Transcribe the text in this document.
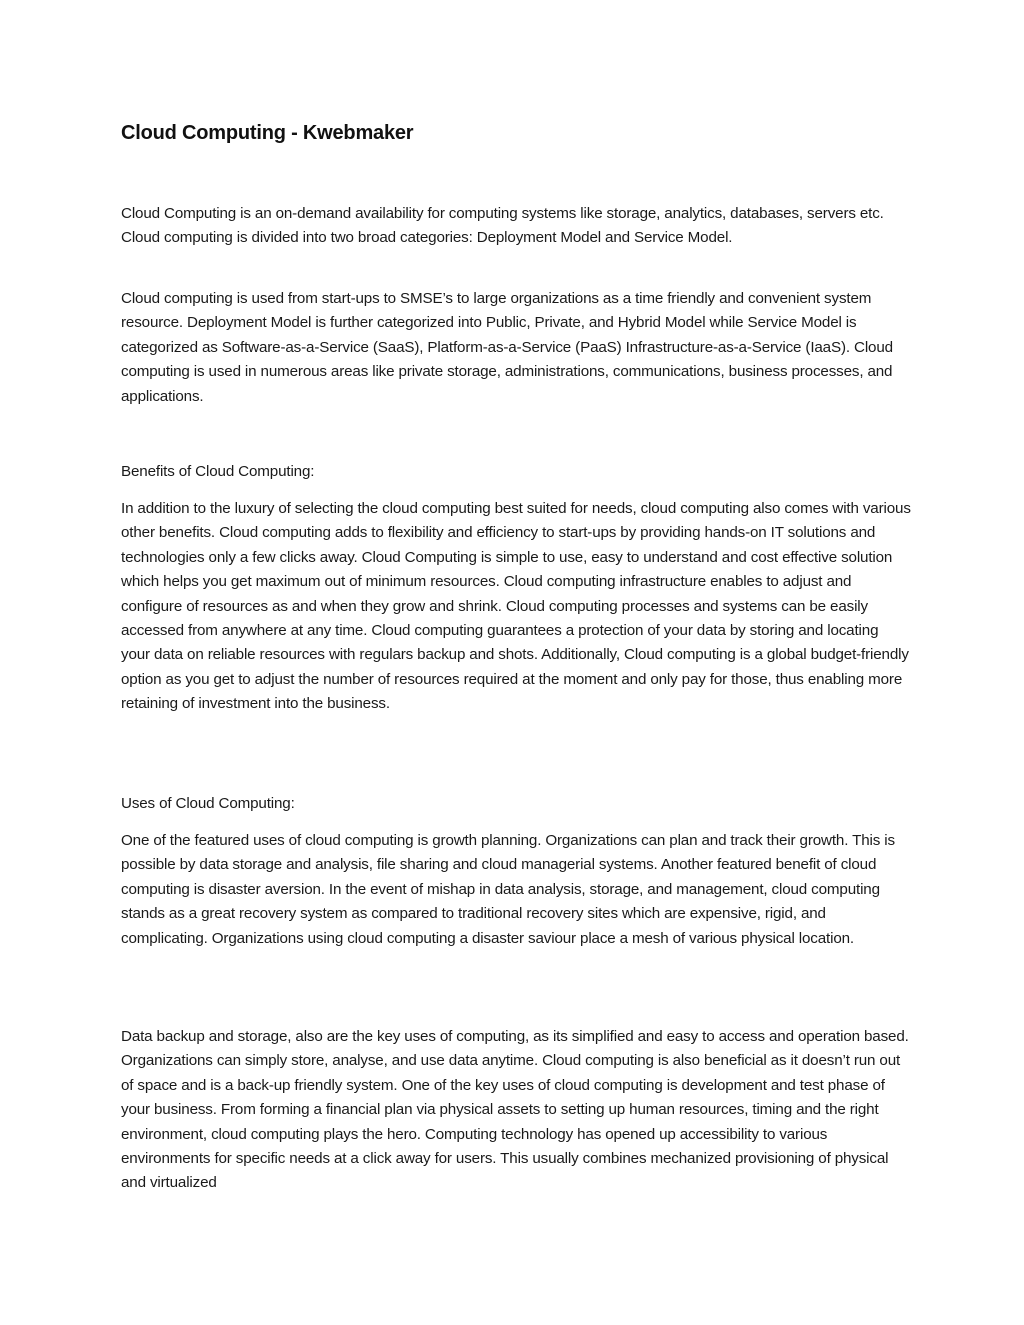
Cloud Computing - Kwebmaker

Cloud Computing is an on-demand availability for computing systems like storage, analytics, databases, servers etc. Cloud computing is divided into two broad categories: Deployment Model and Service Model.

Cloud computing is used from start-ups to SMSE’s to large organizations as a time friendly and convenient system resource. Deployment Model is further categorized into Public, Private, and Hybrid Model while Service Model is categorized as Software-as-a-Service (SaaS), Platform-as-a-Service (PaaS) Infrastructure-as-a-Service (IaaS). Cloud computing is used in numerous areas like private storage, administrations, communications, business processes, and applications.

Benefits of Cloud Computing:

In addition to the luxury of selecting the cloud computing best suited for needs, cloud computing also comes with various other benefits. Cloud computing adds to flexibility and efficiency to start-ups by providing hands-on IT solutions and technologies only a few clicks away. Cloud Computing is simple to use, easy to understand and cost effective solution which helps you get maximum out of minimum resources. Cloud computing infrastructure enables to adjust and configure of resources as and when they grow and shrink. Cloud computing processes and systems can be easily accessed from anywhere at any time. Cloud computing guarantees a protection of your data by storing and locating your data on reliable resources with regulars backup and shots. Additionally, Cloud computing is a global budget-friendly option as you get to adjust the number of resources required at the moment and only pay for those, thus enabling more retaining of investment into the business.

Uses of Cloud Computing:

One of the featured uses of cloud computing is growth planning. Organizations can plan and track their growth. This is possible by data storage and analysis, file sharing and cloud managerial systems. Another featured benefit of cloud computing is disaster aversion. In the event of mishap in data analysis, storage, and management, cloud computing stands as a great recovery system as compared to traditional recovery sites which are expensive, rigid, and complicating. Organizations using cloud computing a disaster saviour place a mesh of various physical location.

Data backup and storage, also are the key uses of computing, as its simplified and easy to access and operation based. Organizations can simply store, analyse, and use data anytime. Cloud computing is also beneficial as it doesn’t run out of space and is a back-up friendly system. One of the key uses of cloud computing is development and test phase of your business. From forming a financial plan via physical assets to setting up human resources, timing and the right environment, cloud computing plays the hero. Computing technology has opened up accessibility to various environments for specific needs at a click away for users. This usually combines mechanized provisioning of physical and virtualized
